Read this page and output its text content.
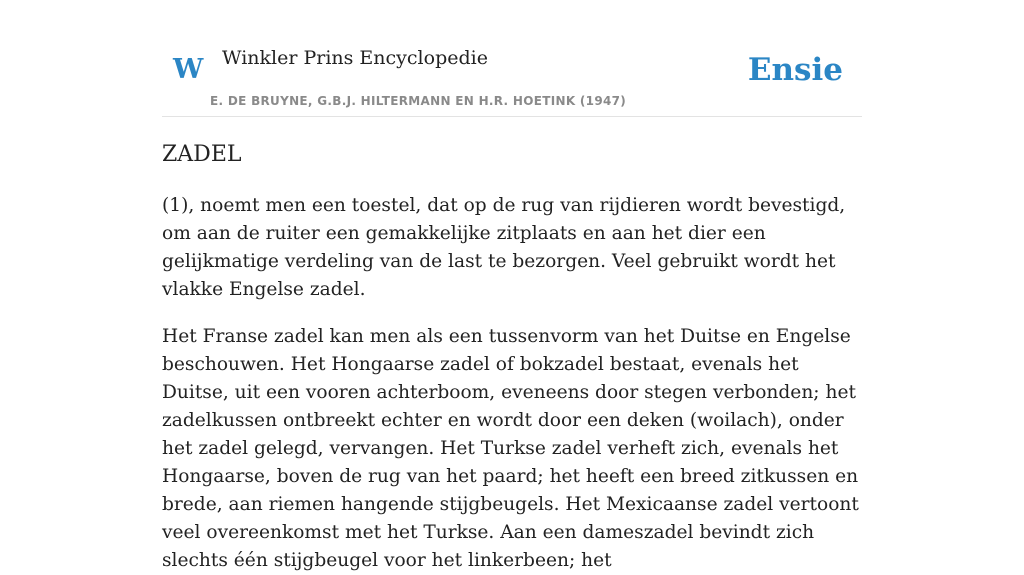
W Winkler Prins Encyclopedie
E. DE BRUYNE, G.B.J. HILTERMANN EN H.R. HOETINK (1947)
Ensie
ZADEL

(1), noemt men een toestel, dat op de rug van rijdieren wordt bevestigd, om aan de ruiter een gemakkelijke zitplaats en aan het dier een gelijkmatige verdeling van de last te bezorgen. Veel gebruikt wordt het vlakke Engelse zadel.

Het Franse zadel kan men als een tussenvorm van het Duitse en Engelse beschouwen. Het Hongaarse zadel of bokzadel bestaat, evenals het Duitse, uit een vooren achterboom, eveneens door stegen verbonden; het zadelkussen ontbreekt echter en wordt door een deken (woilach), onder het zadel gelegd, vervangen. Het Turkse zadel verheft zich, evenals het Hongaarse, boven de rug van het paard; het heeft een breed zitkussen en brede, aan riemen hangende stijgbeugels. Het Mexicaanse zadel vertoont veel overeenkomst met het Turkse. Aan een dameszadel bevindt zich slechts één stijgbeugel voor het linkerbeen; het
